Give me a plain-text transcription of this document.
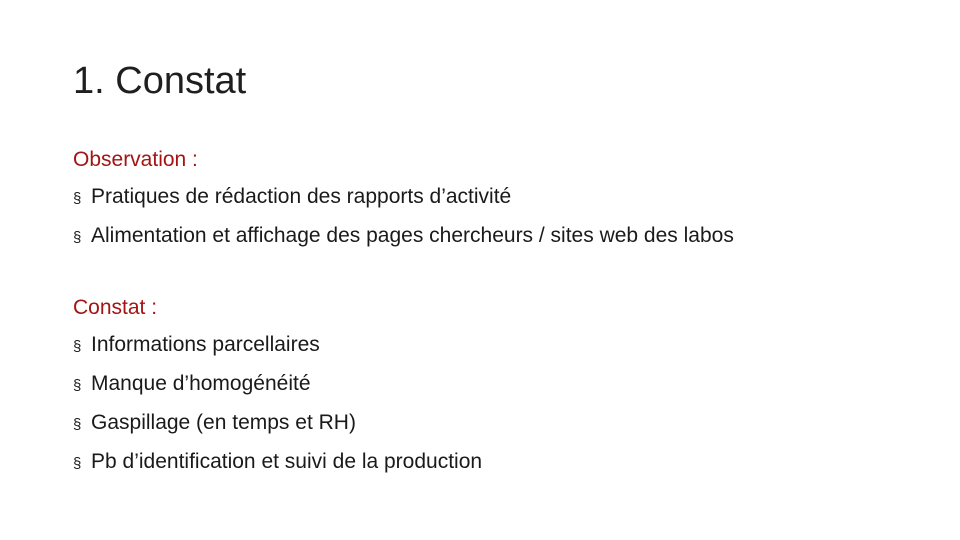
1. Constat
Observation :
§ Pratiques de rédaction des rapports d’activité
§ Alimentation et affichage des pages chercheurs / sites web des labos
Constat :
§ Informations parcellaires
§ Manque d’homogénéité
§ Gaspillage (en temps et RH)
§ Pb d’identification et suivi de la production
